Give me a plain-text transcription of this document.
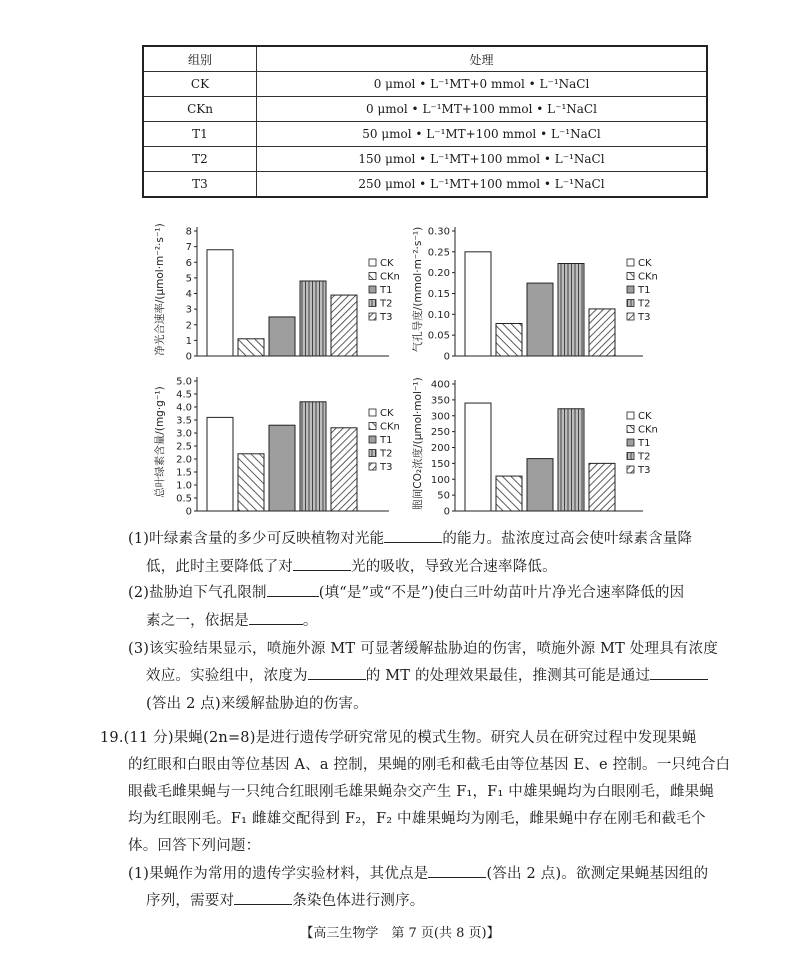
组别	处理
CK	0 μmol • L⁻¹MT+0 mmol • L⁻¹NaCl
CKn	0 μmol • L⁻¹MT+100 mmol • L⁻¹NaCl
T1	50 μmol • L⁻¹MT+100 mmol • L⁻¹NaCl
T2	150 μmol • L⁻¹MT+100 mmol • L⁻¹NaCl
T3	250 μmol • L⁻¹MT+100 mmol • L⁻¹NaCl
0
1
2
3
4
5
6
7
8
净光合速率/(μmol·m⁻²·s⁻¹)	CK
CKn
T1
T2
T3
0
0.05
0.10
0.15
0.20
0.25
0.30
气孔导度/(mmol·m⁻²·s⁻¹)	CK
CKn
T1
T2
T3
0
0.5
1.0
1.5
2.0
2.5
3.0
3.5
4.0
4.5
5.0
总叶绿素含量/(mg·g⁻¹)	CK
CKn
T1
T2
T3
0
50
100
150
200
250
300
350
400
胞间CO₂浓度/(μmol·mol⁻¹)	CK
CKn
T1
T2
T3
(1)叶绿素含量的多少可反映植物对光能	的能力。盐浓度过高会使叶绿素含量降
低，此时主要降低了对	光的吸收，导致光合速率降低。
(2)盐胁迫下气孔限制	(填“是”或“不是”)使白三叶幼苗叶片净光合速率降低的因
素之一，依据是	。
(3)该实验结果显示，喷施外源 MT 可显著缓解盐胁迫的伤害，喷施外源 MT 处理具有浓度
效应。实验组中，浓度为	的 MT 的处理效果最佳，推测其可能是通过
(答出 2 点)来缓解盐胁迫的伤害。
19.(11 分)果蝇(2n=8)是进行遗传学研究常见的模式生物。研究人员在研究过程中发现果蝇
的红眼和白眼由等位基因 A、a 控制，果蝇的刚毛和截毛由等位基因 E、e 控制。一只纯合白
眼截毛雌果蝇与一只纯合红眼刚毛雄果蝇杂交产生 F₁，F₁ 中雄果蝇均为白眼刚毛，雌果蝇
均为红眼刚毛。F₁ 雌雄交配得到 F₂，F₂ 中雄果蝇均为刚毛，雌果蝇中存在刚毛和截毛个
体。回答下列问题：
(1)果蝇作为常用的遗传学实验材料，其优点是	(答出 2 点)。欲测定果蝇基因组的
序列，需要对	条染色体进行测序。
【高三生物学　第 7 页(共 8 页)】
